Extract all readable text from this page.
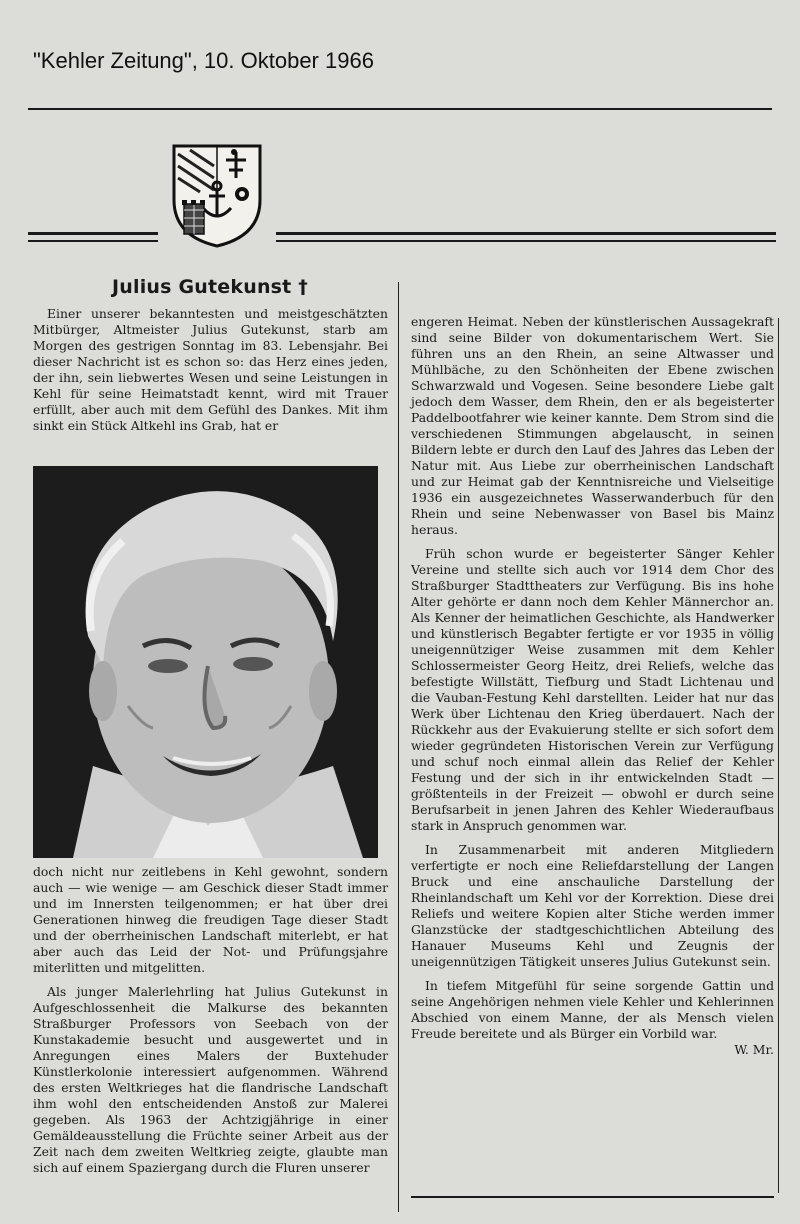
"Kehler Zeitung", 10. Oktober 1966
Julius Gutekunst †

Einer unserer bekanntesten und meistgeschätzten Mitbürger, Altmeister Julius Gutekunst, starb am Morgen des gestrigen Sonntag im 83. Lebensjahr. Bei dieser Nachricht ist es schon so: das Herz eines jeden, der ihn, sein liebwertes Wesen und seine Leistungen in Kehl für seine Heimatstadt kennt, wird mit Trauer erfüllt, aber auch mit dem Gefühl des Dankes. Mit ihm sinkt ein Stück Altkehl ins Grab, hat er

doch nicht nur zeitlebens in Kehl gewohnt, sondern auch — wie wenige — am Geschick dieser Stadt immer und im Innersten teilgenommen; er hat über drei Generationen hinweg die freudigen Tage dieser Stadt und der oberrheinischen Landschaft miterlebt, er hat aber auch das Leid der Not- und Prüfungsjahre miterlitten und mitgelitten.

Als junger Malerlehrling hat Julius Gutekunst in Aufgeschlossenheit die Malkurse des bekannten Straßburger Professors von Seebach von der Kunstakademie besucht und ausgewertet und in Anregungen eines Malers der Buxtehuder Künstlerkolonie interessiert aufgenommen. Während des ersten Weltkrieges hat die flandrische Landschaft ihm wohl den entscheidenden Anstoß zur Malerei gegeben. Als 1963 der Achtzigjährige in einer Gemäldeausstellung die Früchte seiner Arbeit aus der Zeit nach dem zweiten Weltkrieg zeigte, glaubte man sich auf einem Spaziergang durch die Fluren unserer

engeren Heimat. Neben der künstlerischen Aussagekraft sind seine Bilder von dokumentarischem Wert. Sie führen uns an den Rhein, an seine Altwasser und Mühlbäche, zu den Schönheiten der Ebene zwischen Schwarzwald und Vogesen. Seine besondere Liebe galt jedoch dem Wasser, dem Rhein, den er als begeisterter Paddelbootfahrer wie keiner kannte. Dem Strom sind die verschiedenen Stimmungen abgelauscht, in seinen Bildern lebte er durch den Lauf des Jahres das Leben der Natur mit. Aus Liebe zur oberrheinischen Landschaft und zur Heimat gab der Kenntnisreiche und Vielseitige 1936 ein ausgezeichnetes Wasserwanderbuch für den Rhein und seine Nebenwasser von Basel bis Mainz heraus.

Früh schon wurde er begeisterter Sänger Kehler Vereine und stellte sich auch vor 1914 dem Chor des Straßburger Stadttheaters zur Verfügung. Bis ins hohe Alter gehörte er dann noch dem Kehler Männerchor an. Als Kenner der heimatlichen Geschichte, als Handwerker und künstlerisch Begabter fertigte er vor 1935 in völlig uneigennütziger Weise zusammen mit dem Kehler Schlossermeister Georg Heitz, drei Reliefs, welche das befestigte Willstätt, Tiefburg und Stadt Lichtenau und die Vauban-Festung Kehl darstellten. Leider hat nur das Werk über Lichtenau den Krieg überdauert. Nach der Rückkehr aus der Evakuierung stellte er sich sofort dem wieder gegründeten Historischen Verein zur Verfügung und schuf noch einmal allein das Relief der Kehler Festung und der sich in ihr entwickelnden Stadt — größtenteils in der Freizeit — obwohl er durch seine Berufsarbeit in jenen Jahren des Kehler Wiederaufbaus stark in Anspruch genommen war.

In Zusammenarbeit mit anderen Mitgliedern verfertigte er noch eine Reliefdarstellung der Langen Bruck und eine anschauliche Darstellung der Rheinlandschaft um Kehl vor der Korrektion. Diese drei Reliefs und weitere Kopien alter Stiche werden immer Glanzstücke der stadtgeschichtlichen Abteilung des Hanauer Museums Kehl und Zeugnis der uneigennützigen Tätigkeit unseres Julius Gutekunst sein.

In tiefem Mitgefühl für seine sorgende Gattin und seine Angehörigen nehmen viele Kehler und Kehlerinnen Abschied von einem Manne, der als Mensch vielen Freude bereitete und als Bürger ein Vorbild war.

W. Mr.
